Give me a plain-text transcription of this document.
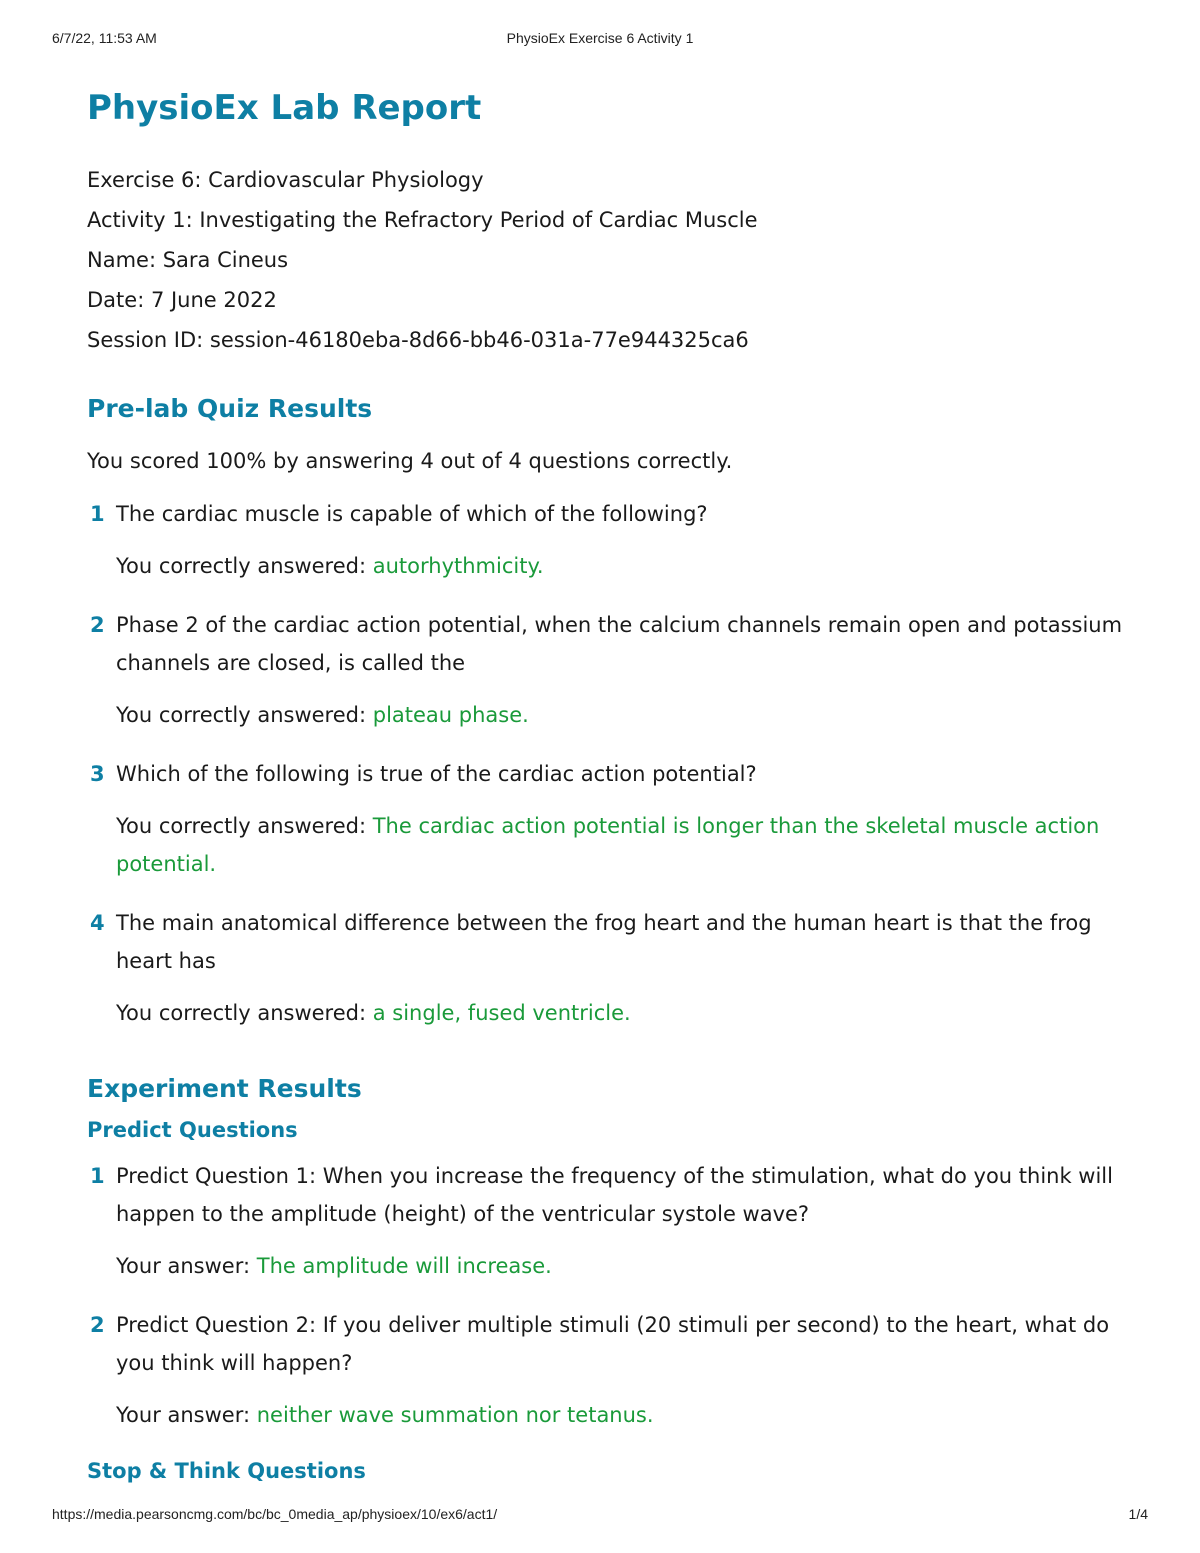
6/7/22, 11:53 AM	PhysioEx Exercise 6 Activity 1
PhysioEx Lab Report
Exercise 6: Cardiovascular Physiology
Activity 1: Investigating the Refractory Period of Cardiac Muscle
Name: Sara Cineus
Date: 7 June 2022
Session ID: session-46180eba-8d66-bb46-031a-77e944325ca6
Pre-lab Quiz Results
You scored 100% by answering 4 out of 4 questions correctly.
1 The cardiac muscle is capable of which of the following?
You correctly answered: autorhythmicity.
2 Phase 2 of the cardiac action potential, when the calcium channels remain open and potassium channels are closed, is called the
You correctly answered: plateau phase.
3 Which of the following is true of the cardiac action potential?
You correctly answered: The cardiac action potential is longer than the skeletal muscle action potential.
4 The main anatomical difference between the frog heart and the human heart is that the frog heart has
You correctly answered: a single, fused ventricle.
Experiment Results
Predict Questions
1 Predict Question 1: When you increase the frequency of the stimulation, what do you think will happen to the amplitude (height) of the ventricular systole wave?
Your answer: The amplitude will increase.
2 Predict Question 2: If you deliver multiple stimuli (20 stimuli per second) to the heart, what do you think will happen?
Your answer: neither wave summation nor tetanus.
Stop & Think Questions
https://media.pearsoncmg.com/bc/bc_0media_ap/physioex/10/ex6/act1/	1/4
